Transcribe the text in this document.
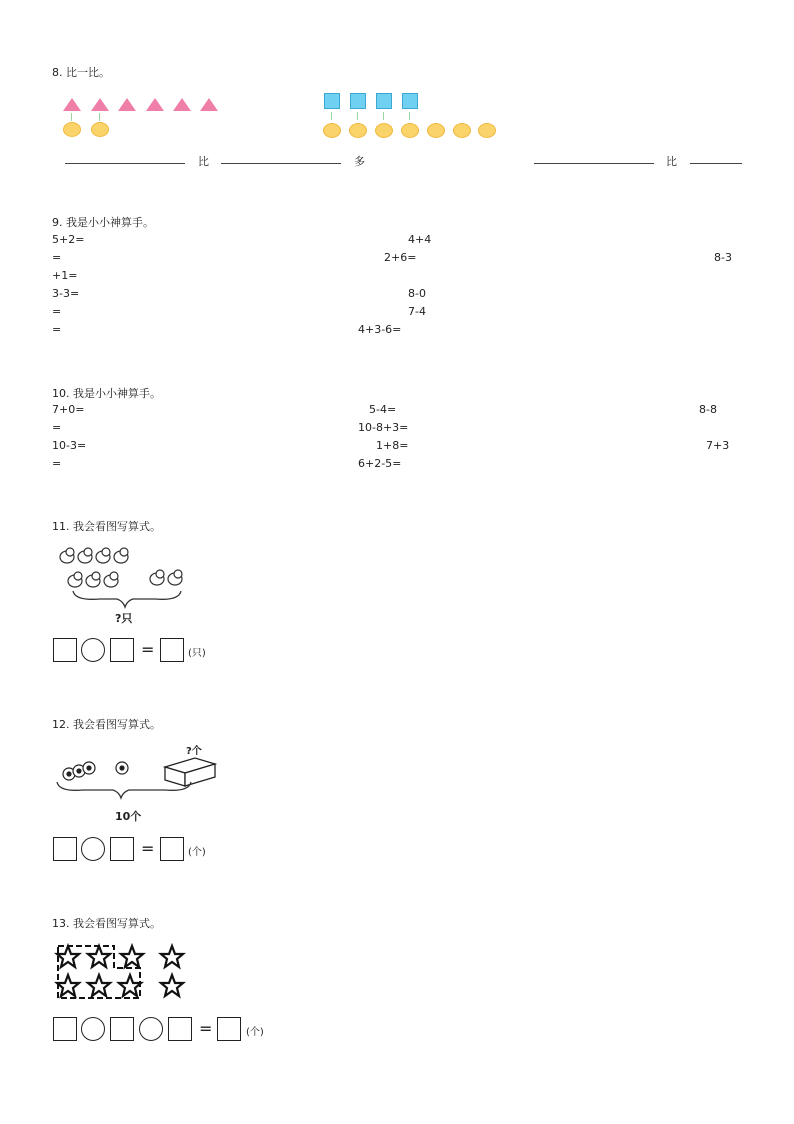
8. 比一比。
比	多	比
9. 我是小小神算手。
5+2=	4+4
=	2+6=	8-3
+1=
3-3=	8-0
=	7-4
=	4+3-6=
10. 我是小小神算手。
7+0=	5-4=	8-8
=	10-8+3=
10-3=	1+8=	7+3
=	6+2-5=
11. 我会看图写算式。
?只
=	(只)
12. 我会看图写算式。
?个
10个
=	(个)
13. 我会看图写算式。
=	(个)
